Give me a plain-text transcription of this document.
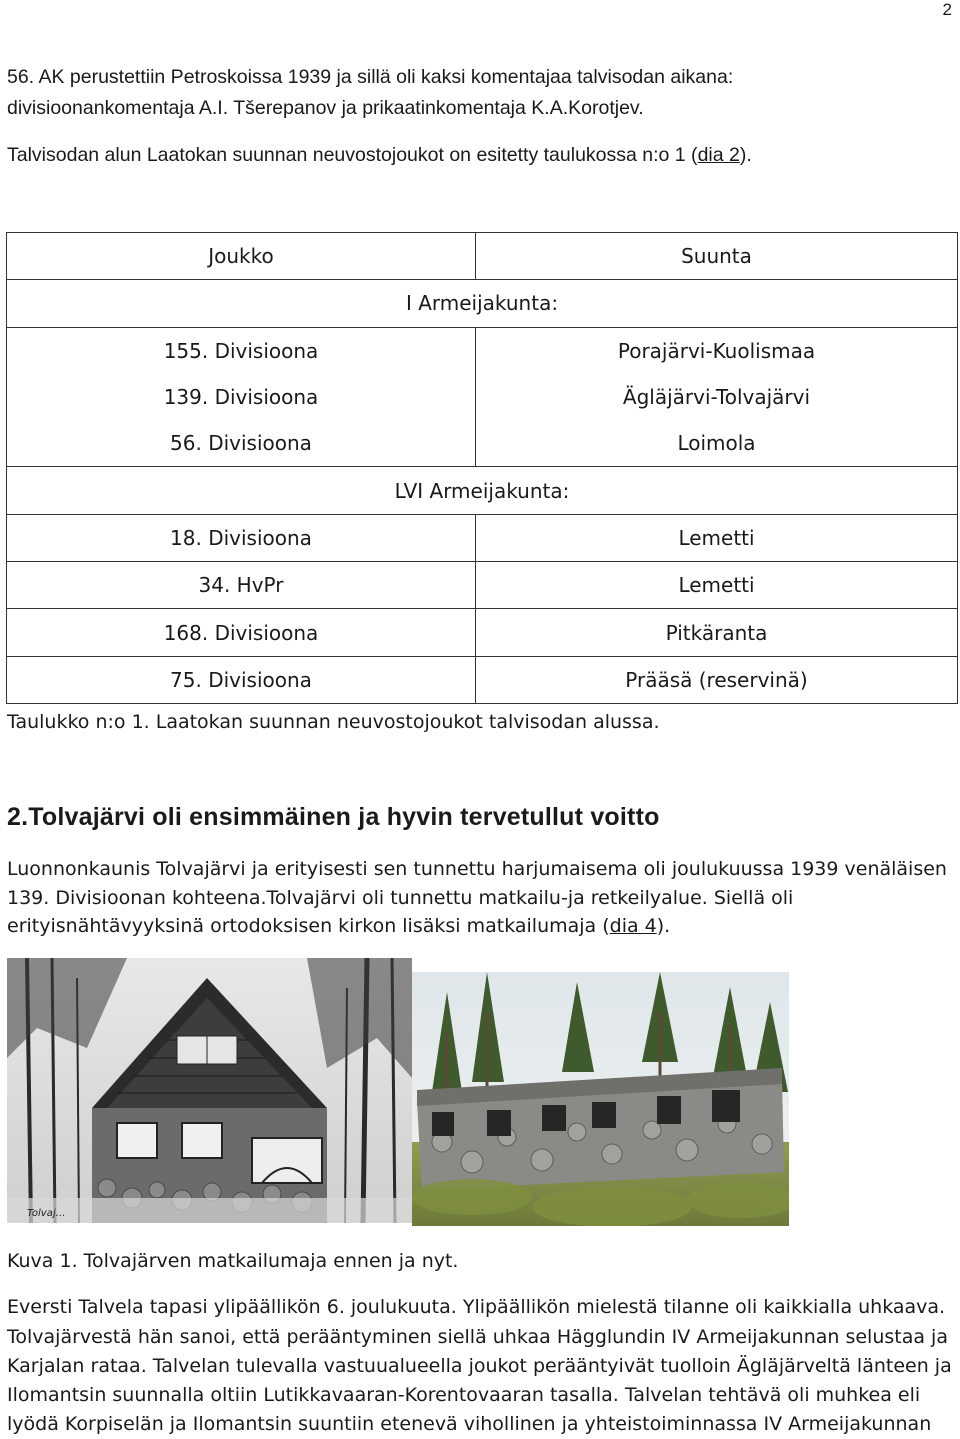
2
56. AK perustettiin Petroskoissa 1939 ja sillä oli kaksi komentajaa talvisodan aikana:
divisioonankomentaja A.I. Tšerepanov ja prikaatinkomentaja K.A.Korotjev.
Talvisodan alun Laatokan suunnan neuvostojoukot on esitetty taulukossa n:o 1 (dia 2).
Joukko	Suunta
I Armeijakunta:	
155. Divisioona	Porajärvi-Kuolismaa
139. Divisioona	Ägläjärvi-Tolvajärvi
56. Divisioona	Loimola
LVI Armeijakunta:	
18. Divisioona	Lemetti
34. HvPr	Lemetti
168. Divisioona	Pitkäranta
75. Divisioona	Prääsä (reservinä)
Taulukko n:o 1. Laatokan suunnan neuvostojoukot talvisodan alussa.
2.Tolvajärvi oli ensimmäinen ja hyvin tervetullut voitto
Luonnonkaunis Tolvajärvi ja erityisesti sen tunnettu harjumaisema oli joulukuussa 1939 venäläisen
139. Divisioonan kohteena.Tolvajärvi oli tunnettu matkailu-ja retkeilyalue. Siellä oli
erityisnähtävyyksinä ortodoksisen kirkon lisäksi matkailumaja (dia 4).
Tolvaj…
Kuva 1. Tolvajärven matkailumaja ennen ja nyt.
Eversti Talvela tapasi ylipäällikön 6. joulukuuta. Ylipäällikön mielestä tilanne oli kaikkialla uhkaava.
Tolvajärvestä hän sanoi, että perääntyminen siellä uhkaa Hägglundin IV Armeijakunnan selustaa ja
Karjalan rataa. Talvelan tulevalla vastuualueella joukot perääntyivät tuolloin Ägläjärveltä länteen ja
Ilomantsin suunnalla oltiin Lutikkavaaran-Korentovaaran tasalla. Talvelan tehtävä oli muhkea eli
lyödä Korpiselän ja Ilomantsin suuntiin etenevä vihollinen ja yhteistoiminnassa IV Armeijakunnan
